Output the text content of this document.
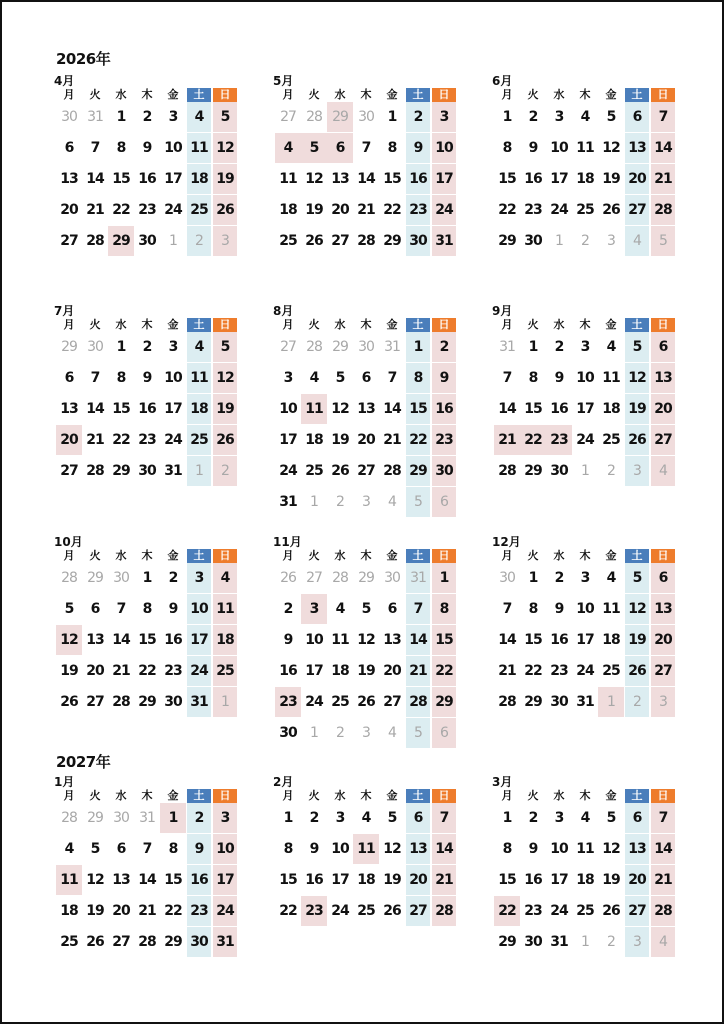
2026年
2027年
4月
月	火	水	木	金	土	日
30 31 1	2	3	4	5
6	7	8	9 10 11 12
13 14 15 16 17 18 19
20 21 22 23 24 25 26
27 28 29 30 1	2	3
5月
月	火	水	木	金	土	日
27 28 29 30 1	2	3
4	5	6	7	8	9 10
11 12 13 14 15 16 17
18 19 20 21 22 23 24
25 26 27 28 29 30 31
6月
月	火	水	木	金	土	日
1	2	3	4	5	6	7
8	9 10 11 12 13 14
15 16 17 18 19 20 21
22 23 24 25 26 27 28
29 30 1	2	3	4	5
7月
月	火	水	木	金	土	日
29 30 1	2	3	4	5
6	7	8	9 10 11 12
13 14 15 16 17 18 19
20 21 22 23 24 25 26
27 28 29 30 31 1	2
8月
月	火	水	木	金	土	日
27 28 29 30 31 1	2
3	4	5	6	7	8	9
10 11 12 13 14 15 16
17 18 19 20 21 22 23
24 25 26 27 28 29 30
31 1	2	3	4	5	6
9月
月	火	水	木	金	土	日
31 1	2	3	4	5	6
7	8	9 10 11 12 13
14 15 16 17 18 19 20
21 22 23 24 25 26 27
28 29 30 1	2	3	4
10月
月	火	水	木	金	土	日
28 29 30 1	2	3	4
5	6	7	8	9 10 11
12 13 14 15 16 17 18
19 20 21 22 23 24 25
26 27 28 29 30 31 1
11月
月	火	水	木	金	土	日
26 27 28 29 30 31 1
2	3	4	5	6	7	8
9 10 11 12 13 14 15
16 17 18 19 20 21 22
23 24 25 26 27 28 29
30 1	2	3	4	5	6
12月
月	火	水	木	金	土	日
30 1	2	3	4	5	6
7	8	9 10 11 12 13
14 15 16 17 18 19 20
21 22 23 24 25 26 27
28 29 30 31 1	2	3
1月
月	火	水	木	金	土	日
28 29 30 31 1	2	3
4	5	6	7	8	9 10
11 12 13 14 15 16 17
18 19 20 21 22 23 24
25 26 27 28 29 30 31
2月
月	火	水	木	金	土	日
1	2	3	4	5	6	7
8	9 10 11 12 13 14
15 16 17 18 19 20 21
22 23 24 25 26 27 28
3月
月	火	水	木	金	土	日
1	2	3	4	5	6	7
8	9 10 11 12 13 14
15 16 17 18 19 20 21
22 23 24 25 26 27 28
29 30 31 1	2	3	4
